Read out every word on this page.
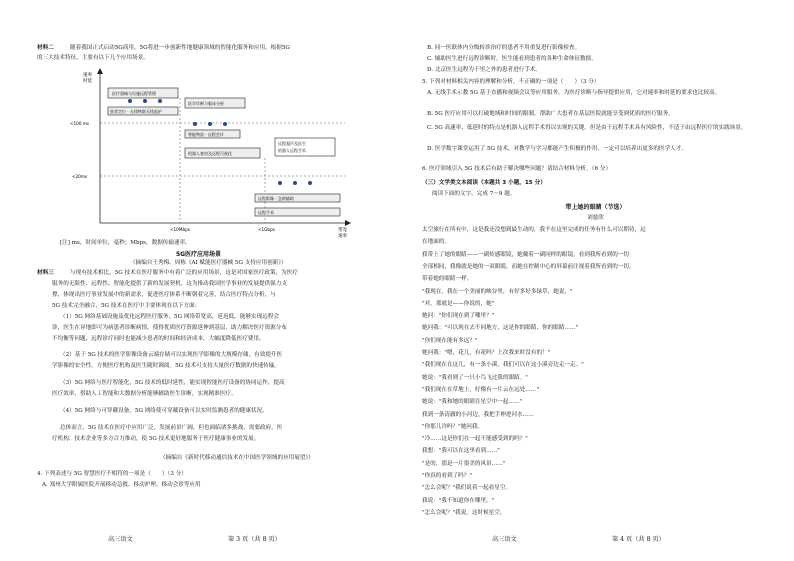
材料二	随着我国正式启动5G商用，5G将进一步创新性地健康领域的智能化服务和应用，根据5G
的三大技术特征，主要有以下几个应用场景。
速率
时延
带宽
速率
<100 ms
<20ms
<10Mbps	<1Gbps
医疗器械与设施远程管理
患者定位 · 无线物联无线监护
医学诊断与临床分析
智能物流 · 远程会诊
机器人查房及远程可视化
远程超声及医生
机器人远程手术
远程影像 · 急救辅助
远程手术
[注] ms，时间单位，毫秒；Mbps，数据传输速率。
5G医疗应用场景
（摘编自王秀梅、周栋《AI 赋能医疗器械 5G 支持应用创新》）
材料三	与现有技术相比，5G 技术在医疗服务中有着广泛的应用场景，这是对国家医疗政策，为医疗
服务的无限性、远程性、智能化提供了新的发展契机。这为推动我国医学事业的发展提供强力支
撑，体现出医疗事业发展中的新需求，促进医疗体系不断朝着完善，结合医疗特点分析，与
5G 技术完全融合，5G 技术在医疗中主要体现在以下方面：
（1）5G 网络基础设施及优化远程医疗服务，5G 网络带宽高，延迟低，能够实现远程会
诊，医生在异地即可为病患者诊断病情，使得优质医疗资源延伸到基层，助力解决医疗资源分布
不均衡等问题，远程诊疗同时也能减少患者的时间和经济成本，大幅度降低医疗费用。
（2）基于 5G 技术的医学影像设备云端存储可以实现医学影像的大规模存储，有效提升医
学影像的安全性，方便医疗机构及医生随时调阅。5G 技术可支持大量医疗数据的快速传输。
（3）5G 网络与医疗智能化，5G 技术的低时延性，能实现智能医疗设备的协同运作，提高
医疗效率，借助人工智能和大数据分析能够辅助医生诊断，实现精准医疗。
（4）5G 网络与可穿戴设备，5G 网络使可穿戴设备可以实时监测患者的健康状况。
总体而言，5G 技术在医疗中应用广泛，发展前景广阔，但也面临诸多挑战，需要政府、医
疗机构、技术企业等多方合力推动，使 5G 技术更好地服务于医疗健康事业的发展。
（摘编自《新时代移动通信技术在中国医学领域的应用展望》）
4. 下列表述与 5G 智慧医疗不相符的一项是（　　）（3 分）
A. 郑州大学附属医院开展移动急救、移动护理、移动会诊等应用
高三语文	第 3 页（共 8 页）
B. 同一医联体内分级转诊治疗的患者不用重复进行影像检查。
C. 辅助医生进行远程诊断时，医生能看到患者的各种生命体征数据。
D. 北京医生远程为千里之外的患者进行手术。
5. 下列对材料相关内容的理解和分析，不正确的一项是（　　）（3 分）
A. 无线手术示教 5G 基于直播和视频会议等应用服务，为医疗诊断与指导提供应用，它对速率和时延的要求也比较高。
B. 5G 医疗应用可以打破地域和时间的限制，帮助广大患者在基层医院就能享受到优质的医疗服务。
C. 5G 高速率、低延时的特点是机器人远程手术得以实现的关键，但是由于远程手术具有风险性，不适于由远程医疗的实践场景。
D. 医学数字课堂运用了 5G 技术，对教学与学习都能产生积极的作用，一定可以培养出更多的医学人才。
6. 医疗领域引入 5G 技术后有助于解决哪些问题？请结合材料分析。（6 分）
（三）文学类文本阅读（本题共 3 小题，15 分）
阅读下面的文字，完成 7～9 题。
带上她的眼睛（节选）
刘慈欣
太空旅行在所有中，这是我还没想到最生动的，我不在这里完成的任务有什么可以期待，远
在地面的。
我带上了她的眼睛——一副传感眼镜，她戴着一副同样的眼镜，看到我所看到的一切
全部相同，我像就是她的一双眼睛，而她在控制中心的屏幕前注视着我所看到的一切。
带着她的眼睛一样。
"我现在，我在一个美丽的峡谷里，有好多好多绿草，她说，"
"对，那就是——你说的，她"
她问："你们现在到了哪里？"
她问我："可以现在去不同地方，这是你的眼睛，你的眼睛……"
"你们现在能有多远？"
她问我："嗯，花儿，有花吗？上次我来时没有的！"
"我们现在在这儿，有一条小溪，我们可以在这小溪旁边走一走。"
她说："我看到了一只小鸟飞过我的眼睛。"
"我们现在在草地上，好像有一片云在远处……"
她说："我和她的眼睛在星空中一起……"
我到一条清澈的小河边，我把手伸进河水……
"你那儿冷吗？"她问我。
"冷……这是你们在一起不能感受到的吗？"
我想："我可以在这里看到……"
"是的，那是一片很美的风景……"
"你真的看到了吗？"
"怎么会呢？"我们说着一起看星空。
我说："我不知道你在哪里。"
"怎么会呢？"我说。这时候星空，
高三语文	第 4 页（共 8 页）
